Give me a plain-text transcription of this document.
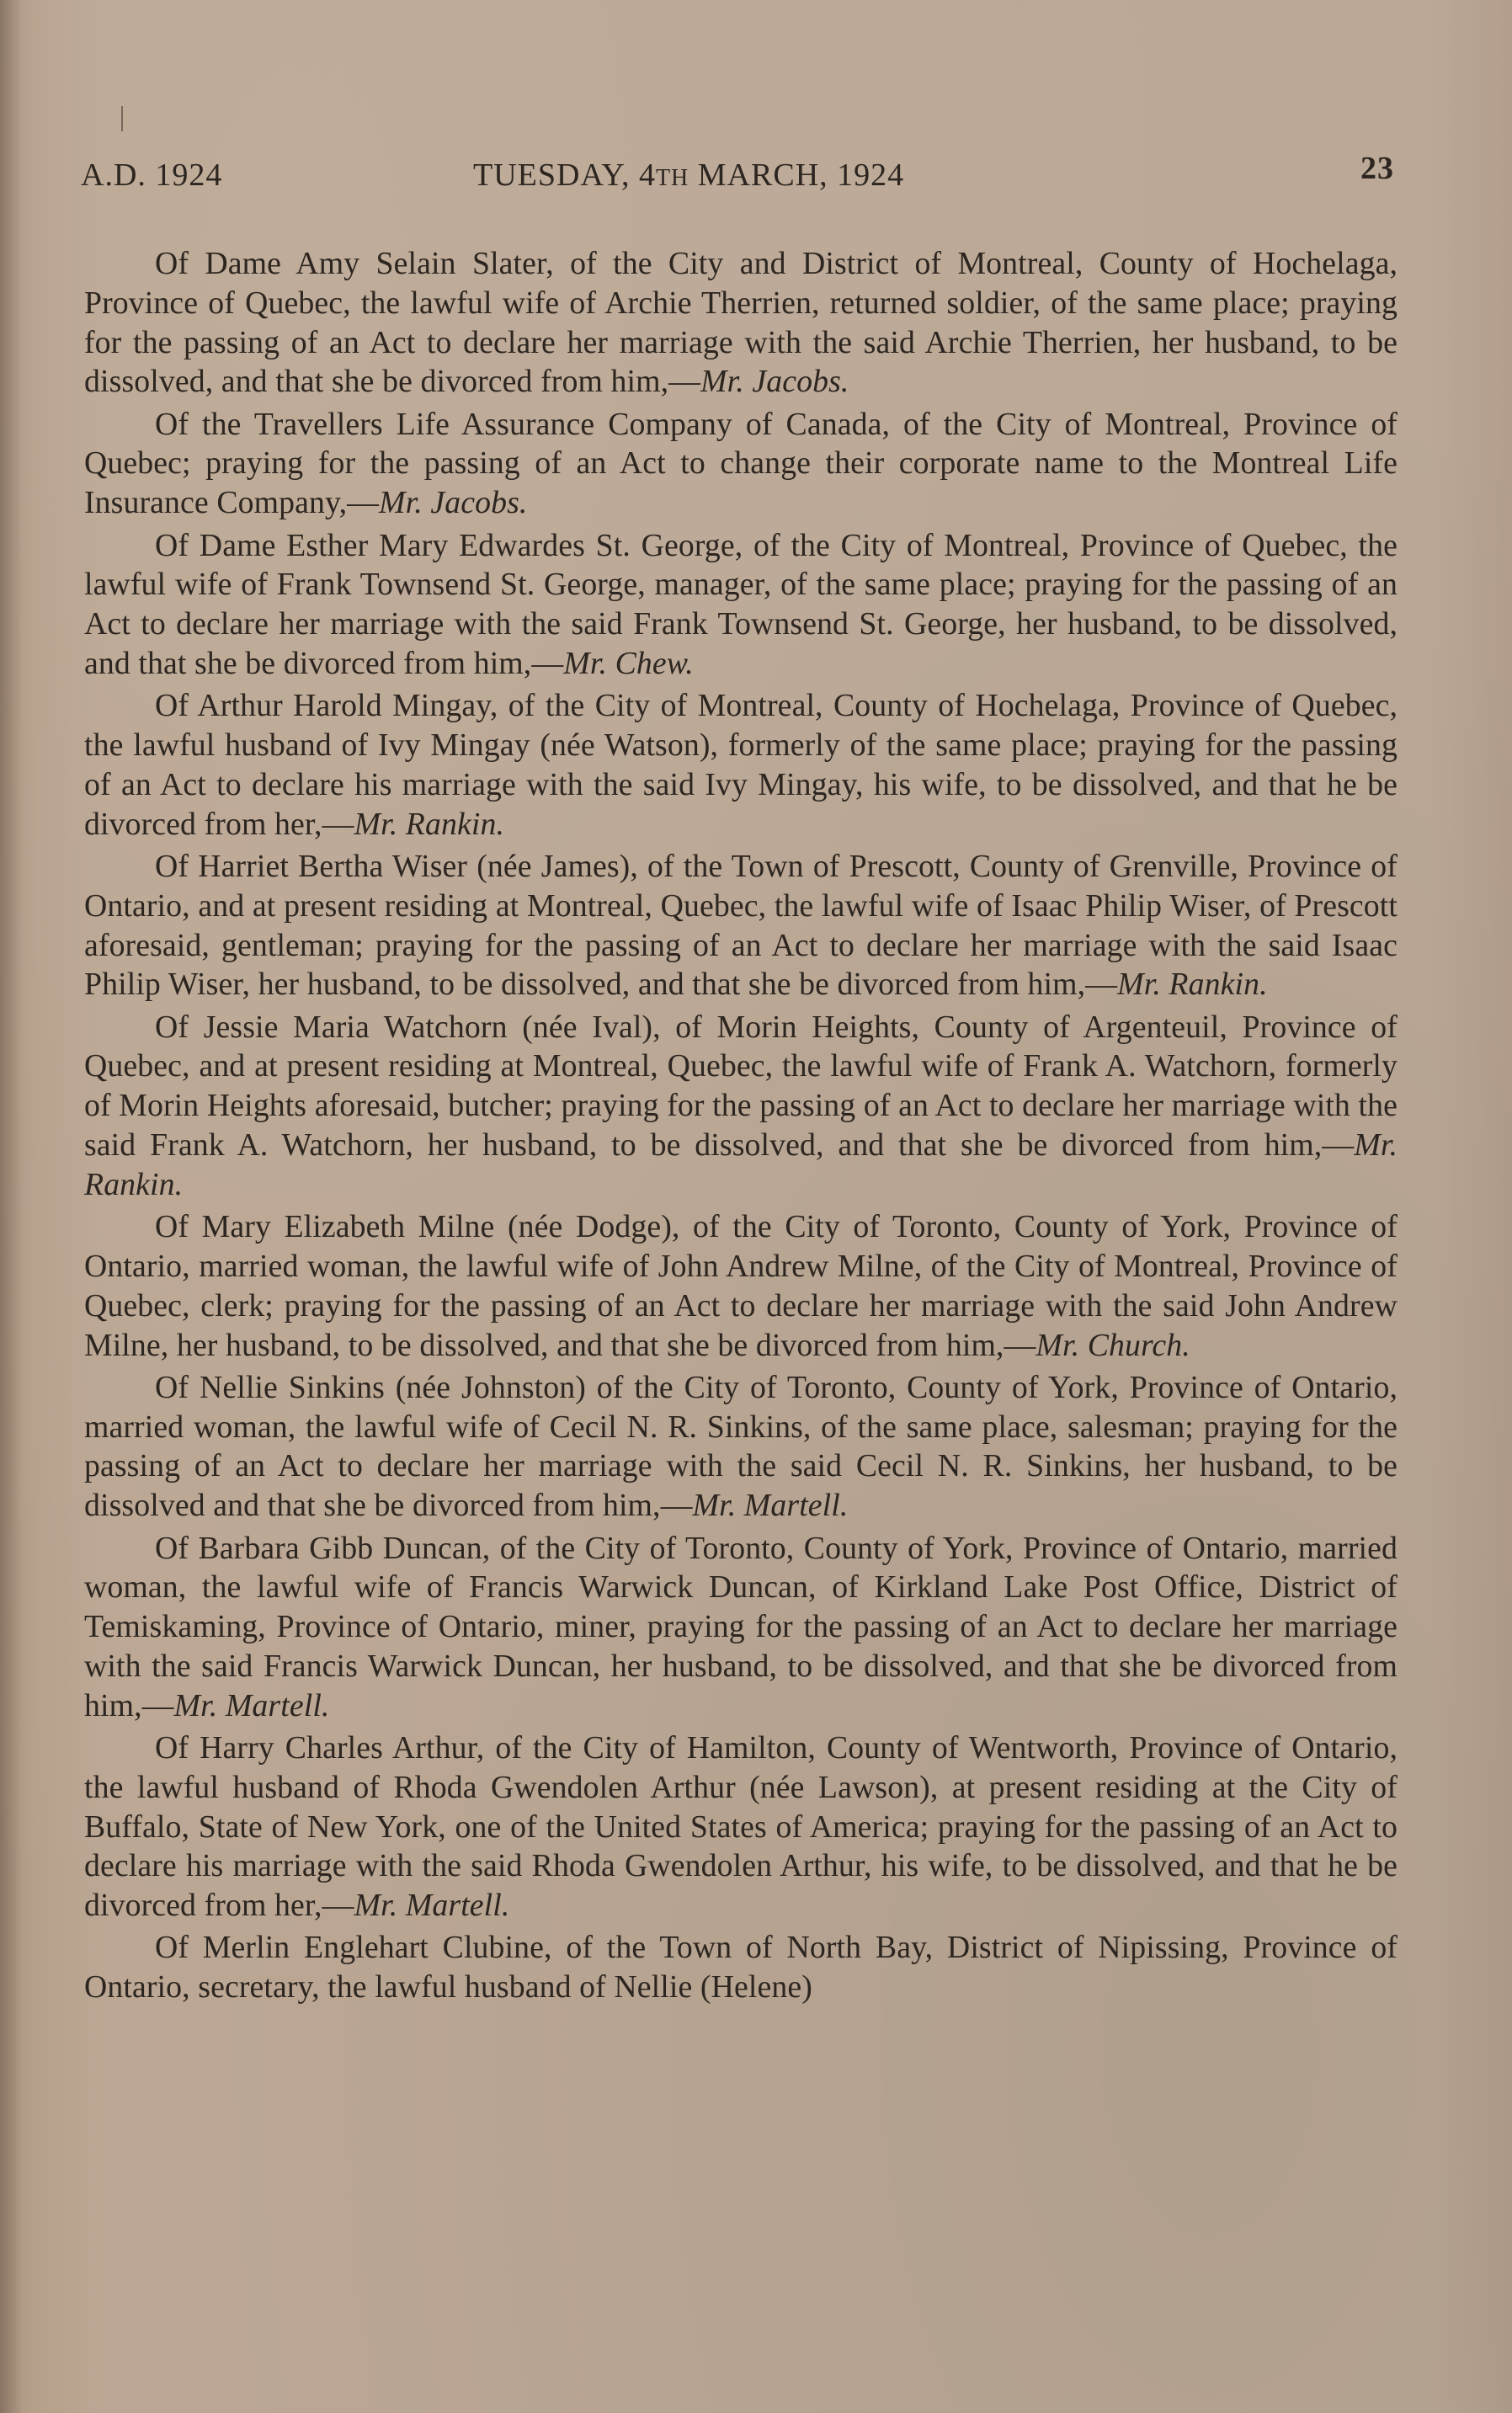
A.D. 1924	TUESDAY, 4TH MARCH, 1924	23

Of Dame Amy Selain Slater, of the City and District of Montreal, County of Hochelaga, Province of Quebec, the lawful wife of Archie Therrien, returned soldier, of the same place; praying for the passing of an Act to declare her marriage with the said Archie Therrien, her husband, to be dissolved, and that she be divorced from him,—Mr. Jacobs.

Of the Travellers Life Assurance Company of Canada, of the City of Montreal, Province of Quebec; praying for the passing of an Act to change their corporate name to the Montreal Life Insurance Company,—Mr. Jacobs.

Of Dame Esther Mary Edwardes St. George, of the City of Montreal, Province of Quebec, the lawful wife of Frank Townsend St. George, manager, of the same place; praying for the passing of an Act to declare her marriage with the said Frank Townsend St. George, her husband, to be dissolved, and that she be divorced from him,—Mr. Chew.

Of Arthur Harold Mingay, of the City of Montreal, County of Hochelaga, Province of Quebec, the lawful husband of Ivy Mingay (née Watson), formerly of the same place; praying for the passing of an Act to declare his marriage with the said Ivy Mingay, his wife, to be dissolved, and that he be divorced from her,—Mr. Rankin.

Of Harriet Bertha Wiser (née James), of the Town of Prescott, County of Grenville, Province of Ontario, and at present residing at Montreal, Quebec, the lawful wife of Isaac Philip Wiser, of Prescott aforesaid, gentleman; praying for the passing of an Act to declare her marriage with the said Isaac Philip Wiser, her husband, to be dissolved, and that she be divorced from him,—Mr. Rankin.

Of Jessie Maria Watchorn (née Ival), of Morin Heights, County of Argenteuil, Province of Quebec, and at present residing at Montreal, Quebec, the lawful wife of Frank A. Watchorn, formerly of Morin Heights aforesaid, butcher; praying for the passing of an Act to declare her marriage with the said Frank A. Watchorn, her husband, to be dissolved, and that she be divorced from him,—Mr. Rankin.

Of Mary Elizabeth Milne (née Dodge), of the City of Toronto, County of York, Province of Ontario, married woman, the lawful wife of John Andrew Milne, of the City of Montreal, Province of Quebec, clerk; praying for the passing of an Act to declare her marriage with the said John Andrew Milne, her husband, to be dissolved, and that she be divorced from him,—Mr. Church.

Of Nellie Sinkins (née Johnston) of the City of Toronto, County of York, Province of Ontario, married woman, the lawful wife of Cecil N. R. Sinkins, of the same place, salesman; praying for the passing of an Act to declare her marriage with the said Cecil N. R. Sinkins, her husband, to be dissolved and that she be divorced from him,—Mr. Martell.

Of Barbara Gibb Duncan, of the City of Toronto, County of York, Province of Ontario, married woman, the lawful wife of Francis Warwick Duncan, of Kirkland Lake Post Office, District of Temiskaming, Province of Ontario, miner, praying for the passing of an Act to declare her marriage with the said Francis Warwick Duncan, her husband, to be dissolved, and that she be divorced from him,—Mr. Martell.

Of Harry Charles Arthur, of the City of Hamilton, County of Wentworth, Province of Ontario, the lawful husband of Rhoda Gwendolen Arthur (née Lawson), at present residing at the City of Buffalo, State of New York, one of the United States of America; praying for the passing of an Act to declare his marriage with the said Rhoda Gwendolen Arthur, his wife, to be dissolved, and that he be divorced from her,—Mr. Martell.

Of Merlin Englehart Clubine, of the Town of North Bay, District of Nipissing, Province of Ontario, secretary, the lawful husband of Nellie (Helene)
